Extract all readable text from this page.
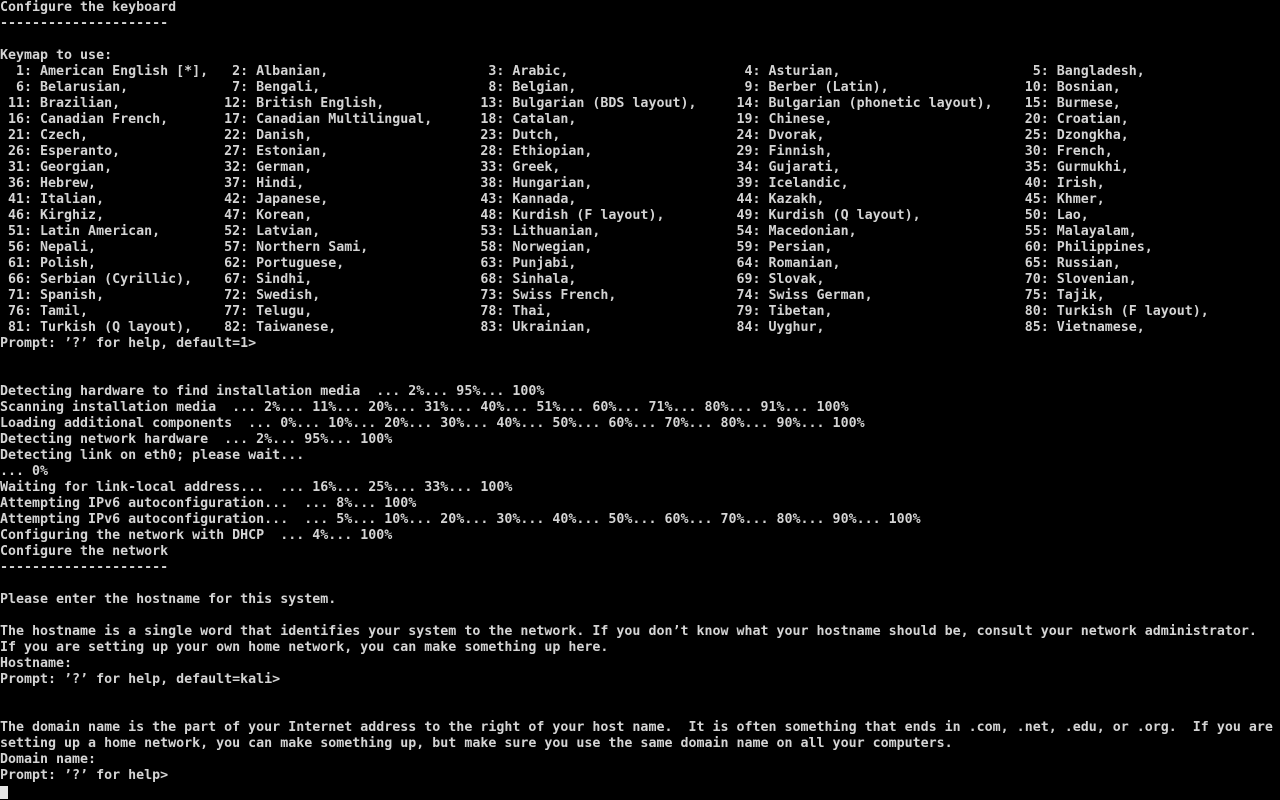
Configure the keyboard
---------------------
Keymap to use:
1: American English [*],   2: Albanian,                    3: Arabic,                      4: Asturian,                        5: Bangladesh,
6: Belarusian,             7: Bengali,                     8: Belgian,                     9: Berber (Latin),                 10: Bosnian,
11: Brazilian,             12: British English,            13: Bulgarian (BDS layout),     14: Bulgarian (phonetic layout),    15: Burmese,
16: Canadian French,       17: Canadian Multilingual,      18: Catalan,                    19: Chinese,                        20: Croatian,
21: Czech,                 22: Danish,                     23: Dutch,                      24: Dvorak,                         25: Dzongkha,
26: Esperanto,             27: Estonian,                   28: Ethiopian,                  29: Finnish,                        30: French,
31: Georgian,              32: German,                     33: Greek,                      34: Gujarati,                       35: Gurmukhi,
36: Hebrew,                37: Hindi,                      38: Hungarian,                  39: Icelandic,                      40: Irish,
41: Italian,               42: Japanese,                   43: Kannada,                    44: Kazakh,                         45: Khmer,
46: Kirghiz,               47: Korean,                     48: Kurdish (F layout),         49: Kurdish (Q layout),             50: Lao,
51: Latin American,        52: Latvian,                    53: Lithuanian,                 54: Macedonian,                     55: Malayalam,
56: Nepali,                57: Northern Sami,              58: Norwegian,                  59: Persian,                        60: Philippines,
61: Polish,                62: Portuguese,                 63: Punjabi,                    64: Romanian,                       65: Russian,
66: Serbian (Cyrillic),    67: Sindhi,                     68: Sinhala,                    69: Slovak,                         70: Slovenian,
71: Spanish,               72: Swedish,                    73: Swiss French,               74: Swiss German,                   75: Tajik,
76: Tamil,                 77: Telugu,                     78: Thai,                       79: Tibetan,                        80: Turkish (F layout),
81: Turkish (Q layout),    82: Taiwanese,                  83: Ukrainian,                  84: Uyghur,                         85: Vietnamese,
Prompt: ’?’ for help, default=1>
Detecting hardware to find installation media  ... 2%... 95%... 100%
Scanning installation media  ... 2%... 11%... 20%... 31%... 40%... 51%... 60%... 71%... 80%... 91%... 100%
Loading additional components  ... 0%... 10%... 20%... 30%... 40%... 50%... 60%... 70%... 80%... 90%... 100%
Detecting network hardware  ... 2%... 95%... 100%
Detecting link on eth0; please wait...
... 0%
Waiting for link-local address...  ... 16%... 25%... 33%... 100%
Attempting IPv6 autoconfiguration...  ... 8%... 100%
Attempting IPv6 autoconfiguration...  ... 5%... 10%... 20%... 30%... 40%... 50%... 60%... 70%... 80%... 90%... 100%
Configuring the network with DHCP  ... 4%... 100%
Configure the network
---------------------
Please enter the hostname for this system.
The hostname is a single word that identifies your system to the network. If you don’t know what your hostname should be, consult your network administrator.
If you are setting up your own home network, you can make something up here.
Hostname:
Prompt: ’?’ for help, default=kali>
The domain name is the part of your Internet address to the right of your host name.  It is often something that ends in .com, .net, .edu, or .org.  If you are
setting up a home network, you can make something up, but make sure you use the same domain name on all your computers.
Domain name:
Prompt: ’?’ for help>
